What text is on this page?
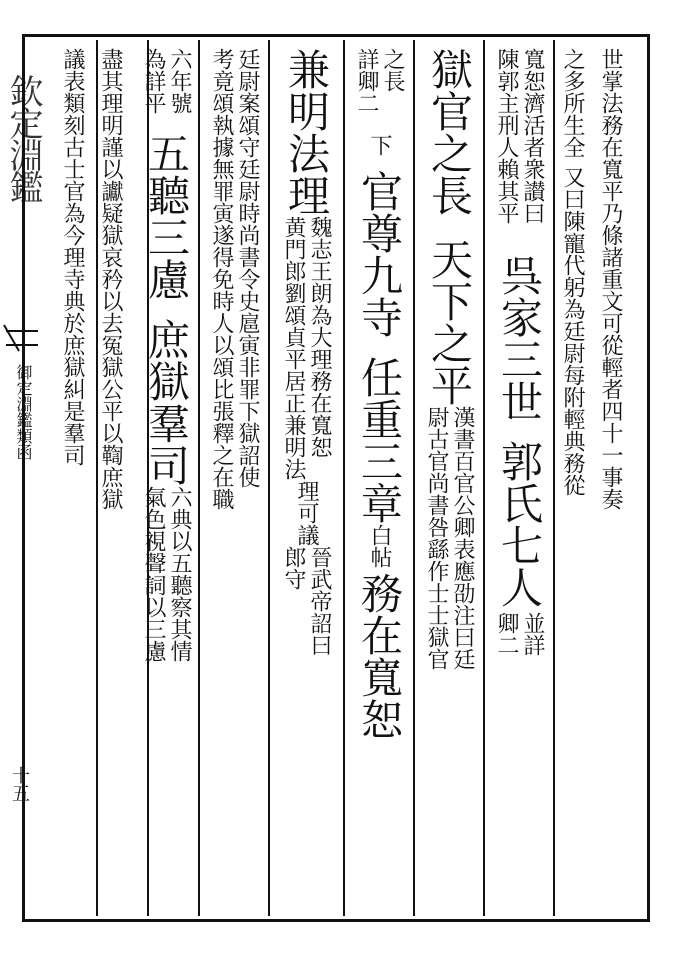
欽定淵鑑
御定淵鑑類函
十五
世掌法務在寬平乃條諸重文可從輕者四十一事奏
之多所生全
又曰陳寵代躬為廷尉每附輕典務從
寬恕濟活者衆讃曰
陳郭主刑人賴其平
呉家三世
郭氏七人
並詳
卿二
獄官之長
天下之平
漢書百官公卿表應劭注曰廷
尉古官尚書咎繇作士士獄官
之長
詳卿二
下
官尊九寺
任重三章
白帖
務在寬恕
兼明法理
魏志王朗為大理務在寬恕
黄門郎劉頌貞平居正兼明法
理可議
晉武帝詔曰
郎守
廷尉
考竟
案頌守廷尉時尚書令史扈寅非罪下獄詔使
頌執據無罪寅遂得免時人以頌比張釋之在職
六年號
為詳平
五聽三慮
庶獄羣司
六典以五聽察其情
氣色視聲詞以三慮
盡其理明謹以讞疑獄哀矜以去冤獄公平以鞫庶獄
議表類刻古士官為今理寺典於庶獄糾是羣司
